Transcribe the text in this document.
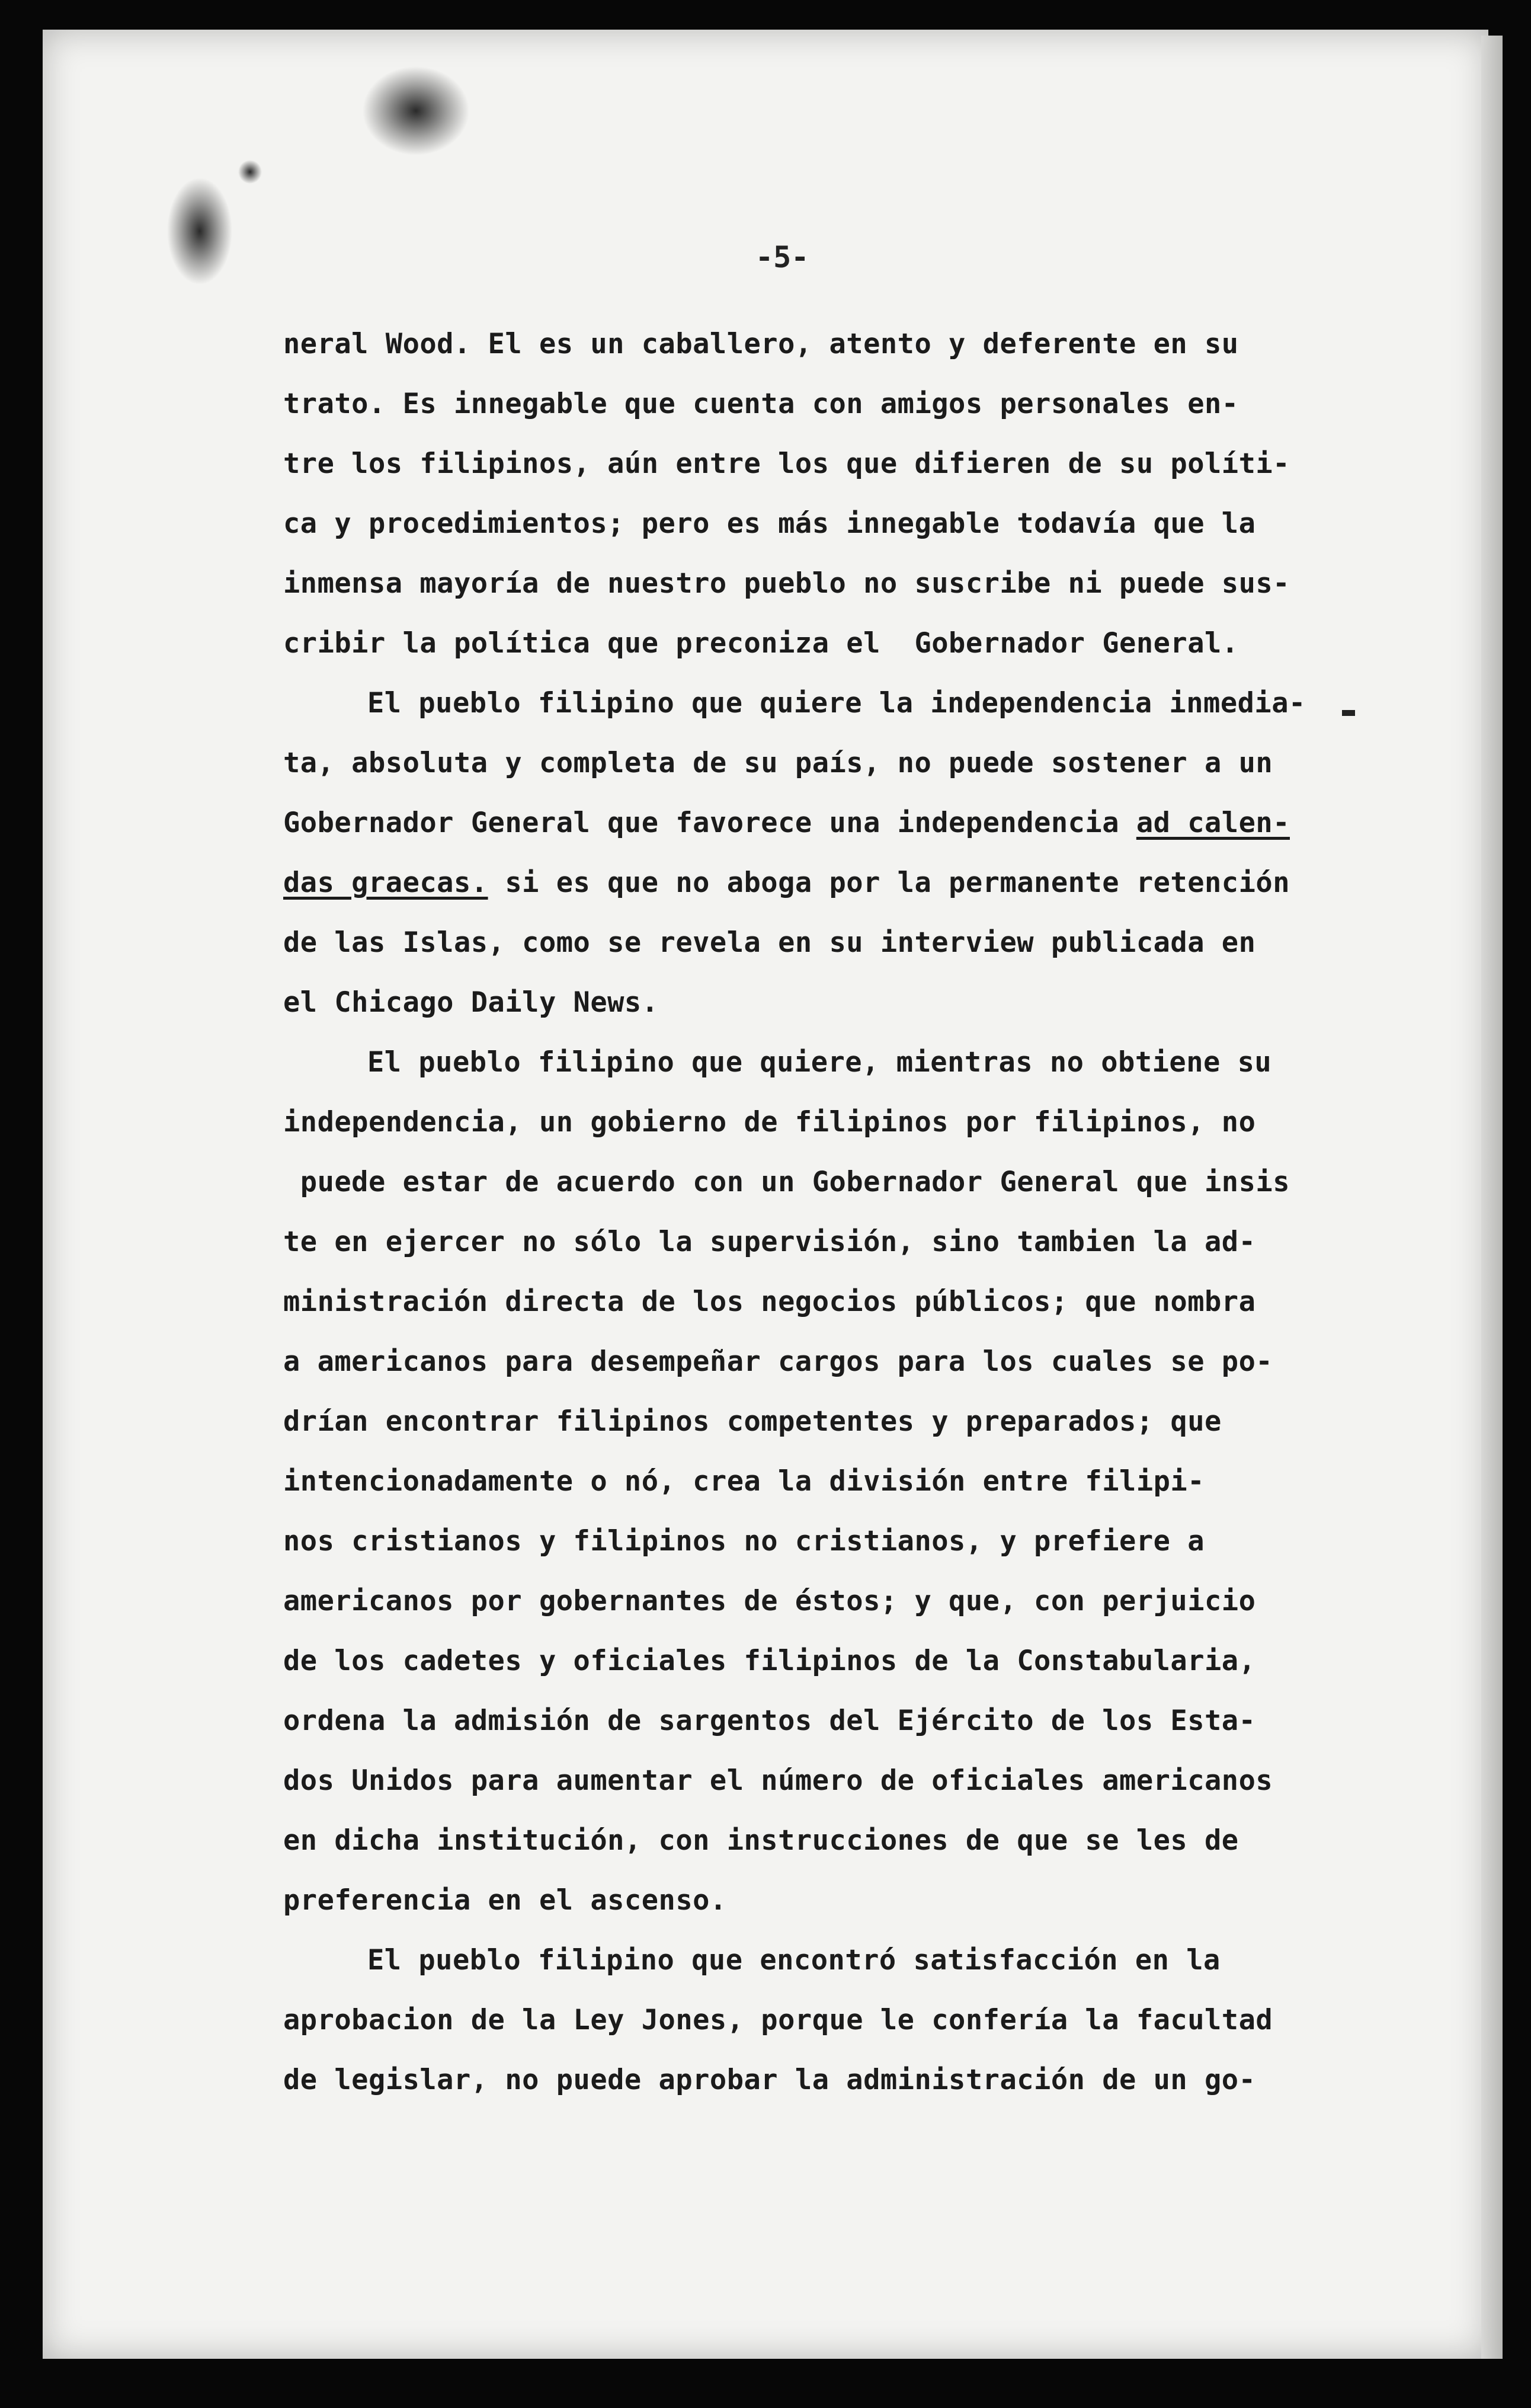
-5-
neral Wood. El es un caballero, atento y deferente en su
trato. Es innegable que cuenta con amigos personales en-
tre los filipinos, aún entre los que difieren de su políti-
ca y procedimientos; pero es más innegable todavía que la
inmensa mayoría de nuestro pueblo no suscribe ni puede sus-
cribir la política que preconiza el  Gobernador General.
El pueblo filipino que quiere la independencia inmedia-
ta, absoluta y completa de su país, no puede sostener a un
Gobernador General que favorece una independencia ad calen-
das graecas. si es que no aboga por la permanente retención
de las Islas, como se revela en su interview publicada en
el Chicago Daily News.
El pueblo filipino que quiere, mientras no obtiene su
independencia, un gobierno de filipinos por filipinos, no
puede estar de acuerdo con un Gobernador General que insis
te en ejercer no sólo la supervisión, sino tambien la ad-
ministración directa de los negocios públicos; que nombra
a americanos para desempeñar cargos para los cuales se po-
drían encontrar filipinos competentes y preparados; que
intencionadamente o nó, crea la división entre filipi-
nos cristianos y filipinos no cristianos, y prefiere a
americanos por gobernantes de éstos; y que, con perjuicio
de los cadetes y oficiales filipinos de la Constabularia,
ordena la admisión de sargentos del Ejército de los Esta-
dos Unidos para aumentar el número de oficiales americanos
en dicha institución, con instrucciones de que se les de
preferencia en el ascenso.
El pueblo filipino que encontró satisfacción en la
aprobacion de la Ley Jones, porque le confería la facultad
de legislar, no puede aprobar la administración de un go-
